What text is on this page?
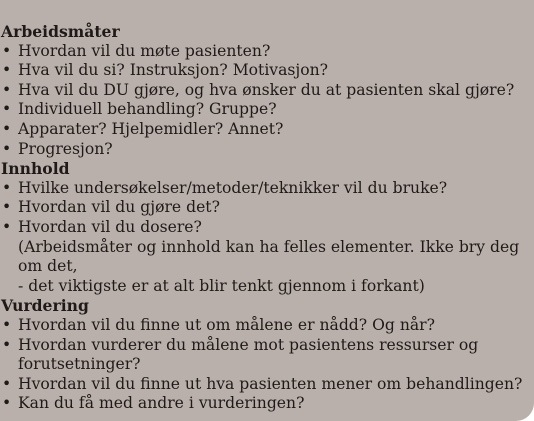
Arbeidsmåter
• Hvordan vil du møte pasienten?
• Hva vil du si? Instruksjon? Motivasjon?
• Hva vil du DU gjøre, og hva ønsker du at pasienten skal gjøre?
• Individuell behandling? Gruppe?
• Apparater? Hjelpemidler? Annet?
• Progresjon?
Innhold
• Hvilke undersøkelser/metoder/teknikker vil du bruke?
• Hvordan vil du gjøre det?
• Hvordan vil du dosere?
(Arbeidsmåter og innhold kan ha felles elementer. Ikke bry deg om det,
- det viktigste er at alt blir tenkt gjennom i forkant)
Vurdering
• Hvordan vil du finne ut om målene er nådd? Og når?
• Hvordan vurderer du målene mot pasientens ressurser og forutsetninger?
• Hvordan vil du finne ut hva pasienten mener om behandlingen?
• Kan du få med andre i vurderingen?
